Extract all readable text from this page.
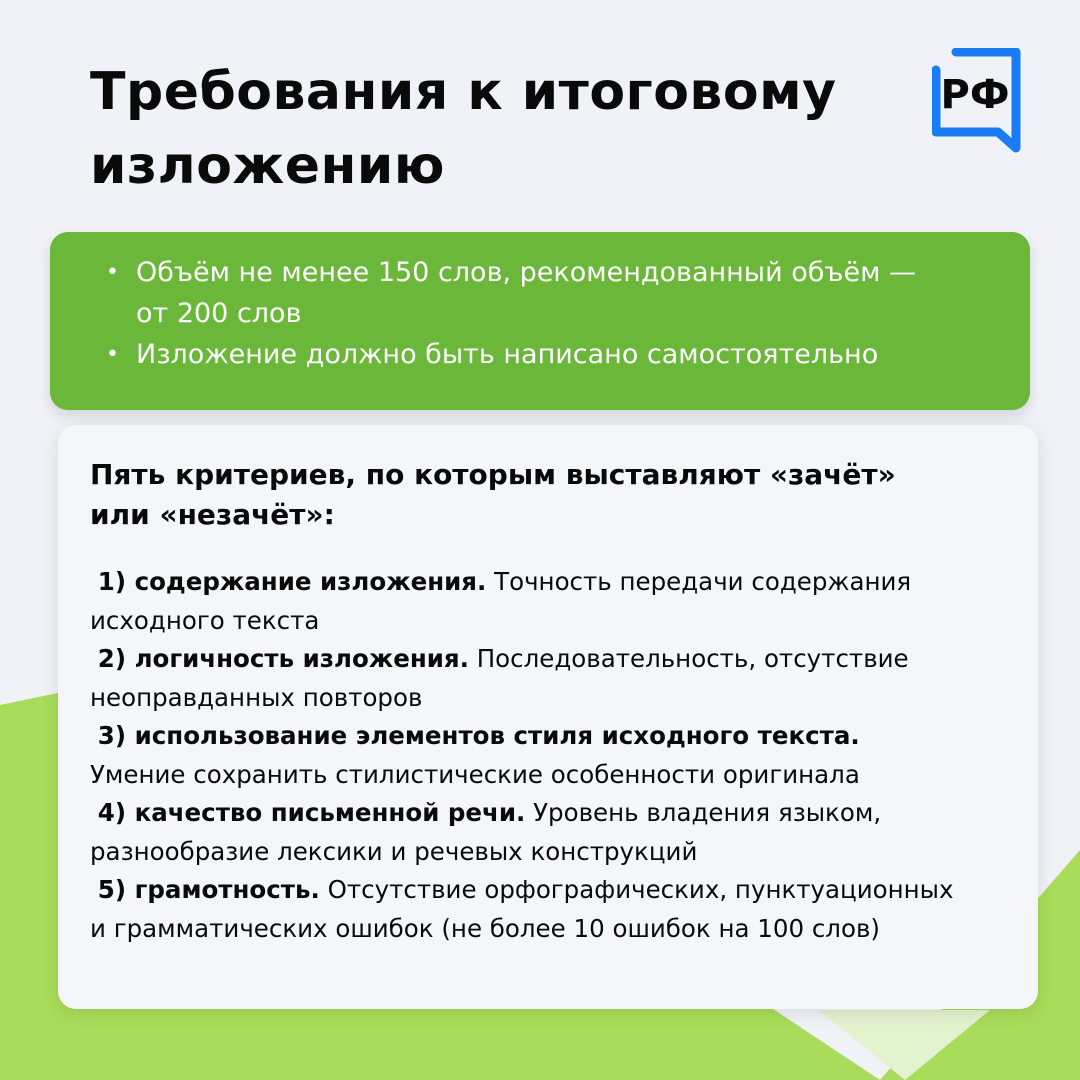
Требования к итоговому
изложению
РФ
• Объём не менее 150 слов, рекомендованный объём —
от 200 слов
• Изложение должно быть написано самостоятельно
Пять критериев, по которым выставляют «зачёт»
или «незачёт»:

1) содержание изложения. Точность передачи содержания

исходного текста

2) логичность изложения. Последовательность, отсутствие

неоправданных повторов

3) использование элементов стиля исходного текста.

Умение сохранить стилистические особенности оригинала

4) качество письменной речи. Уровень владения языком,

разнообразие лексики и речевых конструкций

5) грамотность. Отсутствие орфографических, пунктуационных

и грамматических ошибок (не более 10 ошибок на 100 слов)
